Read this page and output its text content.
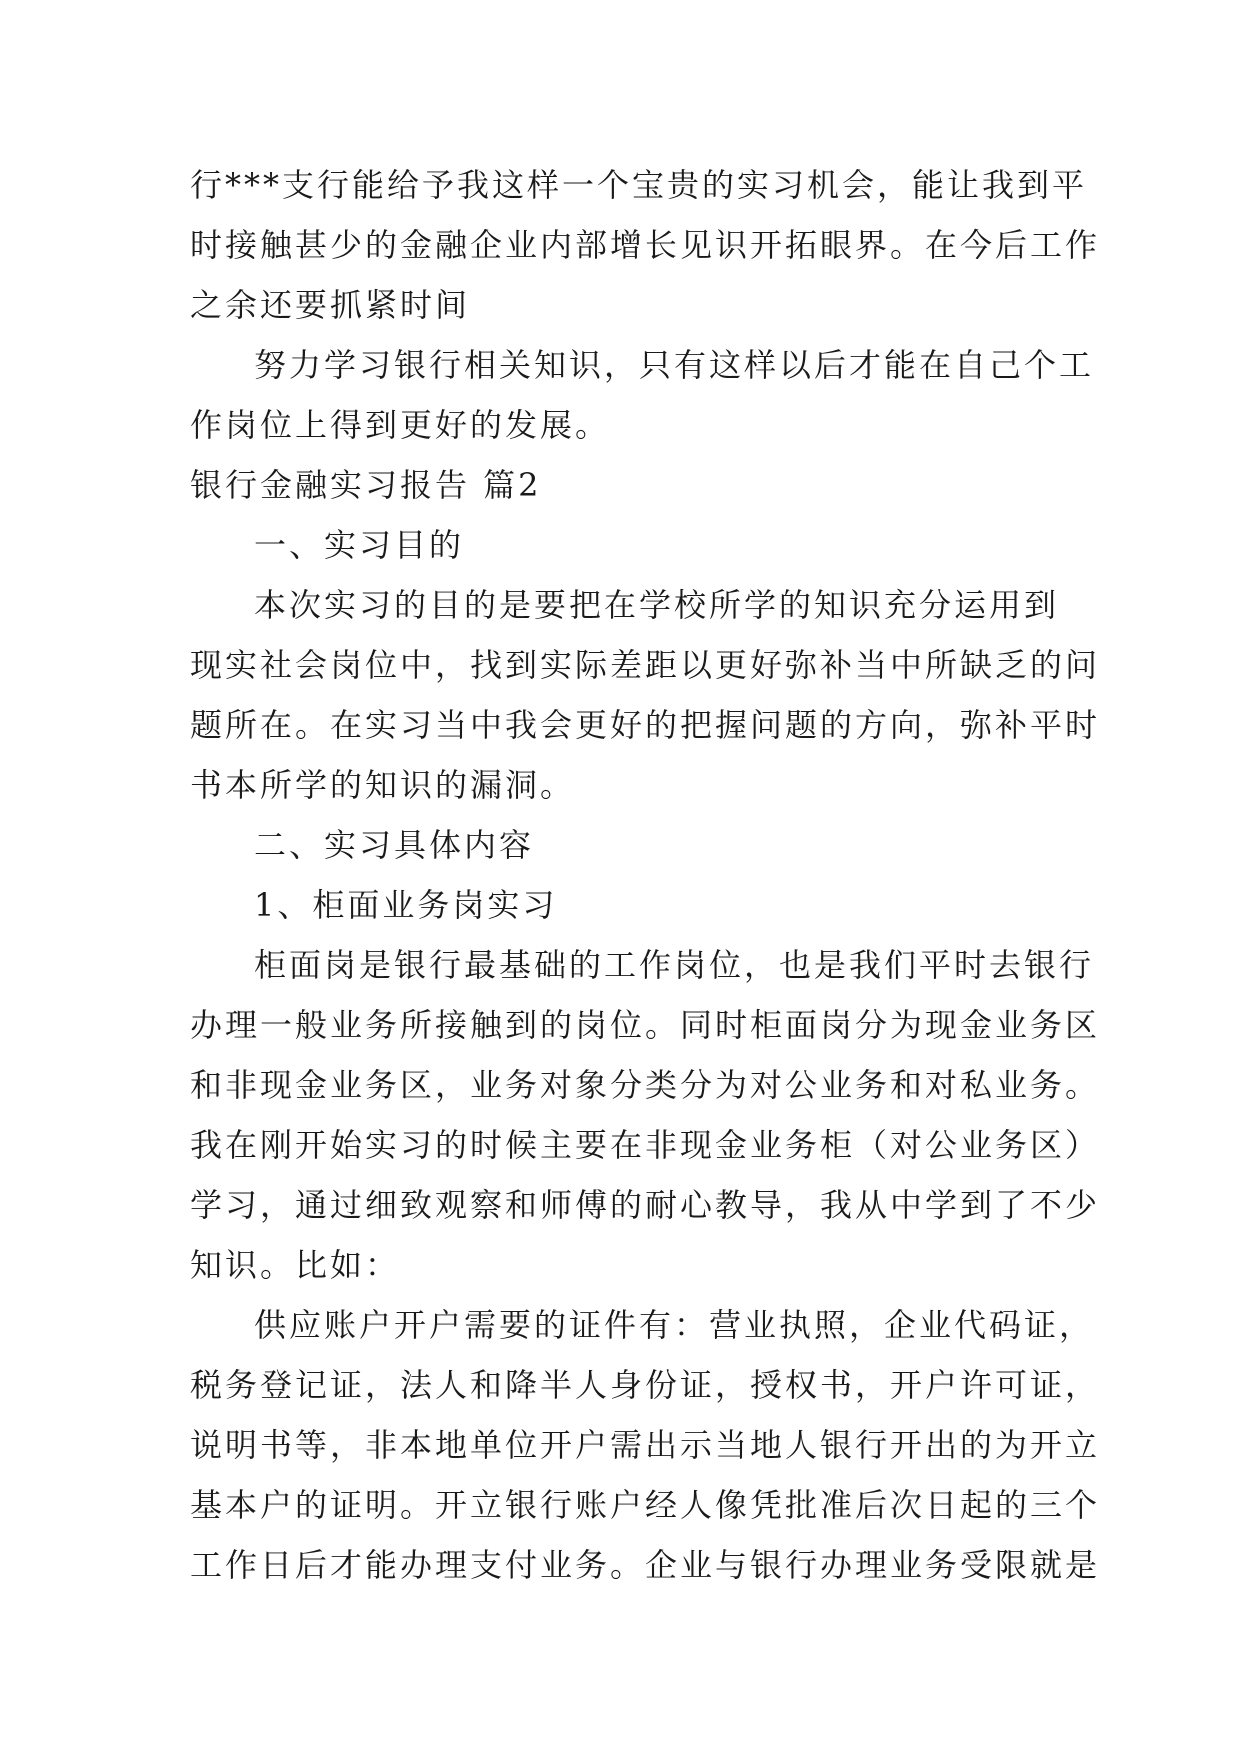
行***支行能给予我这样一个宝贵的实习机会，能让我到平
时接触甚少的金融企业内部增长见识开拓眼界。在今后工作
之余还要抓紧时间
努力学习银行相关知识，只有这样以后才能在自己个工
作岗位上得到更好的发展。
银行金融实习报告 篇2
一、实习目的
本次实习的目的是要把在学校所学的知识充分运用到
现实社会岗位中，找到实际差距以更好弥补当中所缺乏的问
题所在。在实习当中我会更好的把握问题的方向，弥补平时
书本所学的知识的漏洞。
二、实习具体内容
1、柜面业务岗实习
柜面岗是银行最基础的工作岗位，也是我们平时去银行
办理一般业务所接触到的岗位。同时柜面岗分为现金业务区
和非现金业务区，业务对象分类分为对公业务和对私业务。
我在刚开始实习的时候主要在非现金业务柜（对公业务区）
学习，通过细致观察和师傅的耐心教导，我从中学到了不少
知识。比如：
供应账户开户需要的证件有：营业执照，企业代码证，
税务登记证，法人和降半人身份证，授权书，开户许可证，
说明书等，非本地单位开户需出示当地人银行开出的为开立
基本户的证明。开立银行账户经人像凭批准后次日起的三个
工作日后才能办理支付业务。企业与银行办理业务受限就是
